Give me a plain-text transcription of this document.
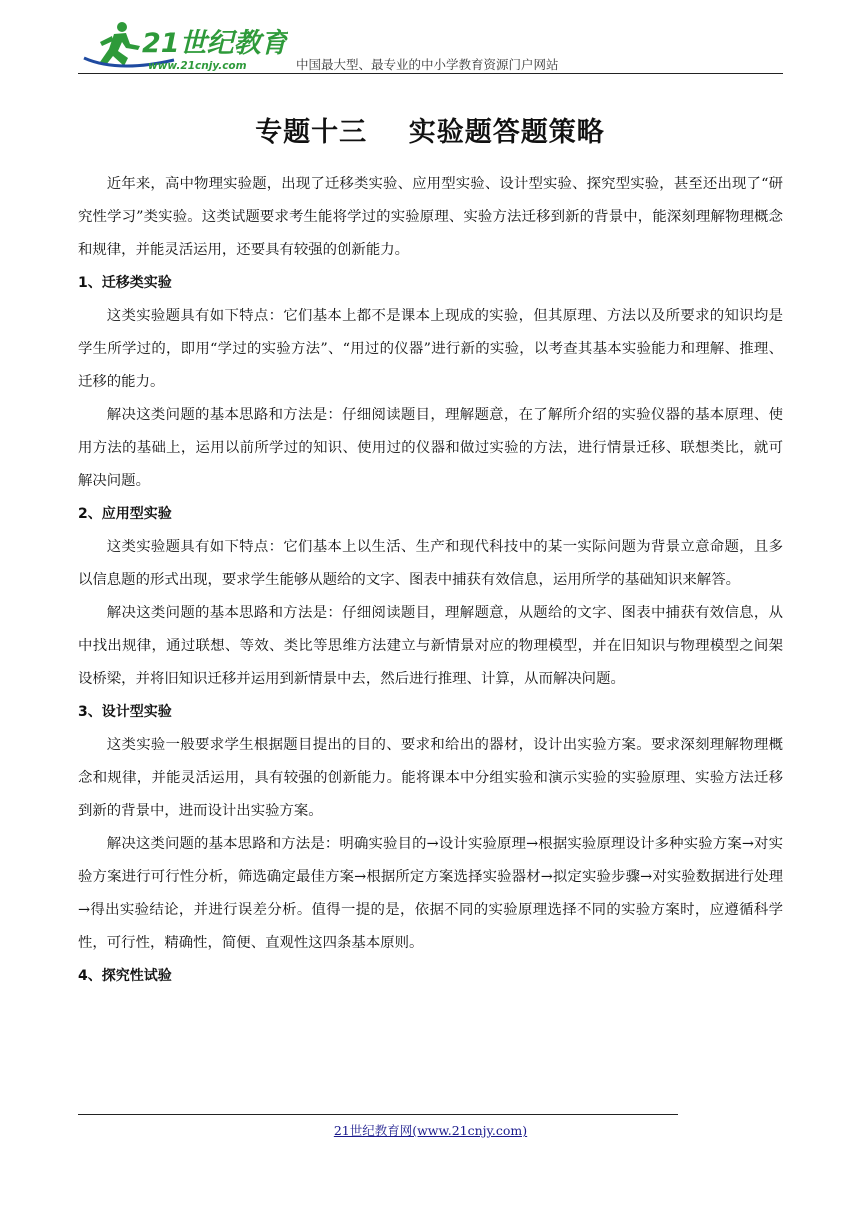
21世纪教育
www.21cnjy.com	中国最大型、最专业的中小学教育资源门户网站
专题十三    实验题答题策略

近年来，高中物理实验题，出现了迁移类实验、应用型实验、设计型实验、探究型实验，甚至还出现了“研究性学习”类实验。这类试题要求考生能将学过的实验原理、实验方法迁移到新的背景中，能深刻理解物理概念和规律，并能灵活运用，还要具有较强的创新能力。

1、迁移类实验

这类实验题具有如下特点：它们基本上都不是课本上现成的实验，但其原理、方法以及所要求的知识均是学生所学过的，即用“学过的实验方法”、“用过的仪器”进行新的实验，以考查其基本实验能力和理解、推理、迁移的能力。

解决这类问题的基本思路和方法是：仔细阅读题目，理解题意，在了解所介绍的实验仪器的基本原理、使用方法的基础上，运用以前所学过的知识、使用过的仪器和做过实验的方法，进行情景迁移、联想类比，就可解决问题。

2、应用型实验

这类实验题具有如下特点：它们基本上以生活、生产和现代科技中的某一实际问题为背景立意命题，且多以信息题的形式出现，要求学生能够从题给的文字、图表中捕获有效信息，运用所学的基础知识来解答。

解决这类问题的基本思路和方法是：仔细阅读题目，理解题意，从题给的文字、图表中捕获有效信息，从中找出规律，通过联想、等效、类比等思维方法建立与新情景对应的物理模型，并在旧知识与物理模型之间架设桥梁，并将旧知识迁移并运用到新情景中去，然后进行推理、计算，从而解决问题。

3、设计型实验

这类实验一般要求学生根据题目提出的目的、要求和给出的器材，设计出实验方案。要求深刻理解物理概念和规律，并能灵活运用，具有较强的创新能力。能将课本中分组实验和演示实验的实验原理、实验方法迁移到新的背景中，进而设计出实验方案。

解决这类问题的基本思路和方法是：明确实验目的→设计实验原理→根据实验原理设计多种实验方案→对实验方案进行可行性分析，筛选确定最佳方案→根据所定方案选择实验器材→拟定实验步骤→对实验数据进行处理→得出实验结论，并进行误差分析。值得一提的是，依据不同的实验原理选择不同的实验方案时，应遵循科学性，可行性，精确性，简便、直观性这四条基本原则。

4、探究性试验

21世纪教育网(www.21cnjy.com)
